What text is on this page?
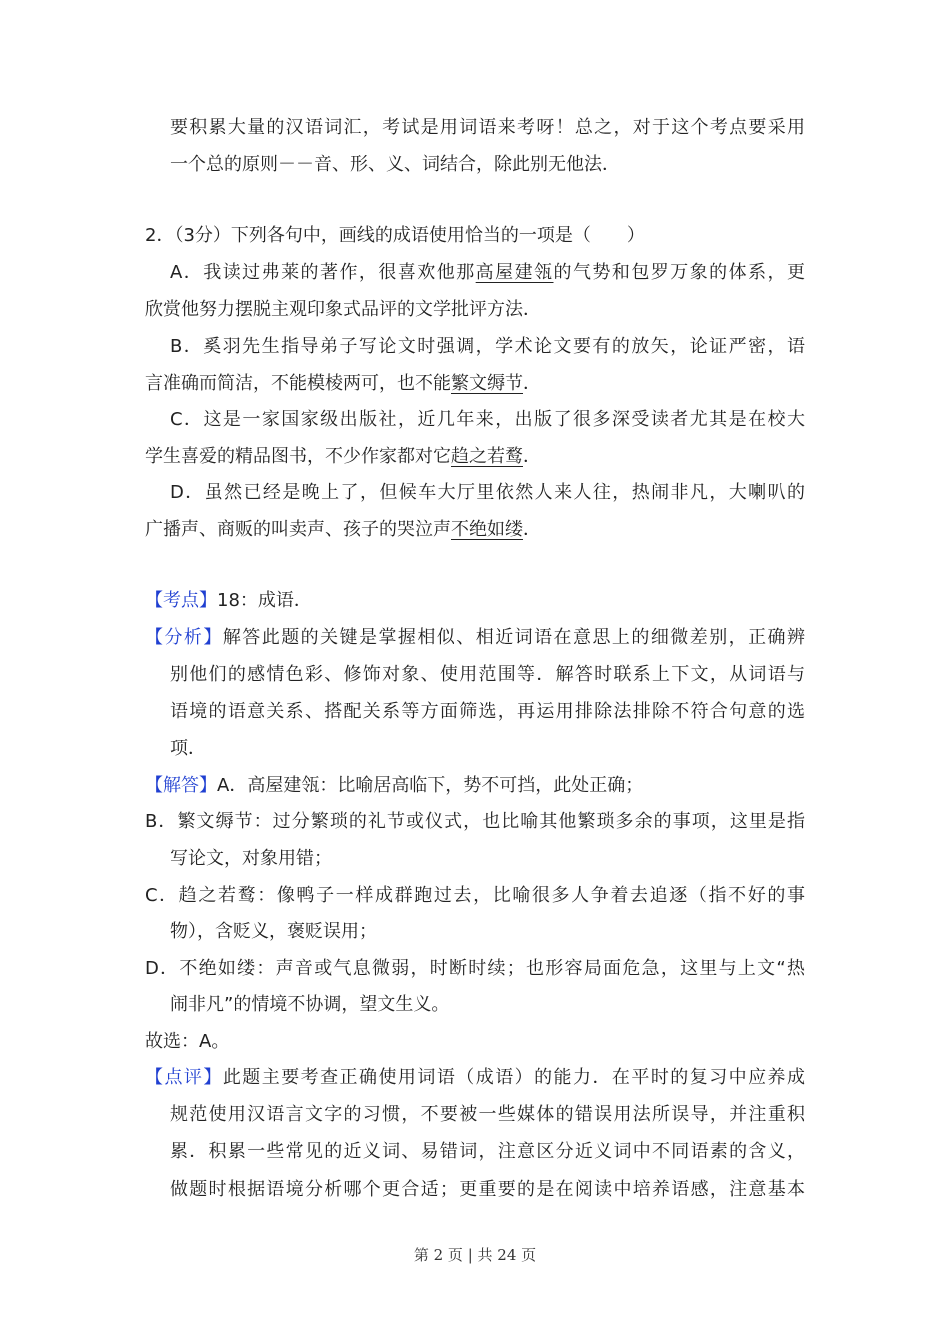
要积累大量的汉语词汇，考试是用词语来考呀！总之，对于这个考点要采用
一个总的原则－－音、形、义、词结合，除此别无他法．
2．（3分）下列各句中，画线的成语使用恰当的一项是（　　）
A．我读过弗莱的著作，很喜欢他那高屋建瓴的气势和包罗万象的体系，更
欣赏他努力摆脱主观印象式品评的文学批评方法．
B．奚羽先生指导弟子写论文时强调，学术论文要有的放矢，论证严密，语
言准确而简洁，不能模棱两可，也不能繁文缛节．
C．这是一家国家级出版社，近几年来，出版了很多深受读者尤其是在校大
学生喜爱的精品图书，不少作家都对它趋之若鹜．
D．虽然已经是晚上了，但候车大厅里依然人来人往，热闹非凡，大喇叭的
广播声、商贩的叫卖声、孩子的哭泣声不绝如缕．
【考点】18：成语．
【分析】解答此题的关键是掌握相似、相近词语在意思上的细微差别，正确辨
别他们的感情色彩、修饰对象、使用范围等．解答时联系上下文，从词语与
语境的语意关系、搭配关系等方面筛选，再运用排除法排除不符合句意的选
项．
【解答】A．高屋建瓴：比喻居高临下，势不可挡，此处正确；
B．繁文缛节：过分繁琐的礼节或仪式，也比喻其他繁琐多余的事项，这里是指
写论文，对象用错；
C．趋之若鹜：像鸭子一样成群跑过去，比喻很多人争着去追逐（指不好的事
物），含贬义，褒贬误用；
D．不绝如缕：声音或气息微弱，时断时续；也形容局面危急，这里与上文“热
闹非凡”的情境不协调，望文生义。
故选：A。
【点评】此题主要考查正确使用词语（成语）的能力．在平时的复习中应养成
规范使用汉语言文字的习惯，不要被一些媒体的错误用法所误导，并注重积
累．积累一些常见的近义词、易错词，注意区分近义词中不同语素的含义，
做题时根据语境分析哪个更合适；更重要的是在阅读中培养语感，注意基本
第 2 页 | 共 24 页
